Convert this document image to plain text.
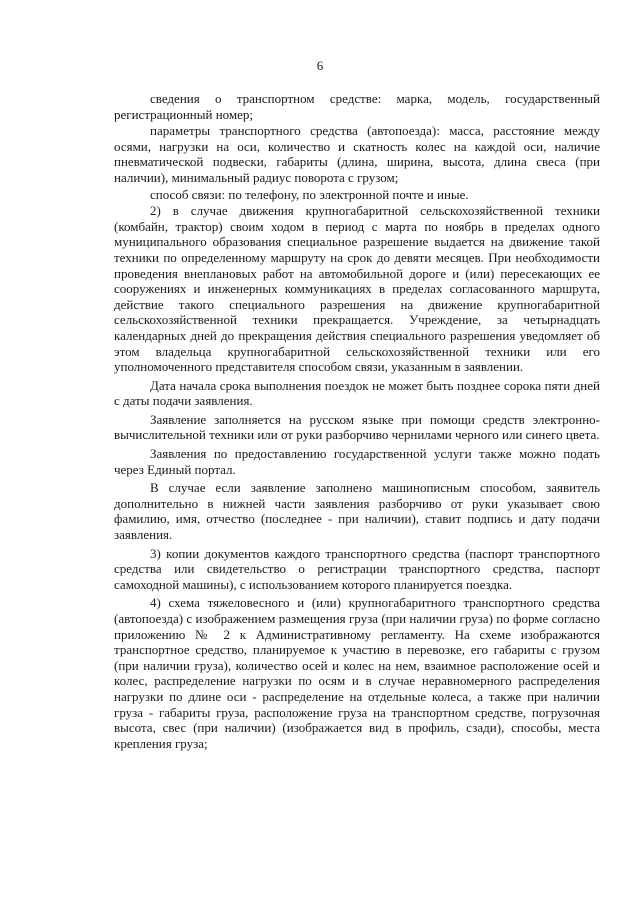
6

сведения о транспортном средстве: марка, модель, государственный регистрационный номер;

параметры транспортного средства (автопоезда): масса, расстояние между осями, нагрузки на оси, количество и скатность колес на каждой оси, наличие пневматической подвески, габариты (длина, ширина, высота, длина свеса (при наличии), минимальный радиус поворота с грузом;

способ связи: по телефону, по электронной почте и иные.

2) в случае движения крупногабаритной сельскохозяйственной техники (комбайн, трактор) своим ходом в период с марта по ноябрь в пределах одного муниципального образования специальное разрешение выдается на движение такой техники по определенному маршруту на срок до девяти месяцев. При необходимости проведения внеплановых работ на автомобильной дороге и (или) пересекающих ее сооружениях и инженерных коммуникациях в пределах согласованного маршрута, действие такого специального разрешения на движение крупногабаритной сельскохозяйственной техники прекращается. Учреждение, за четырнадцать календарных дней до прекращения действия специального разрешения уведомляет об этом владельца крупногабаритной сельскохозяйственной техники или его уполномоченного представителя способом связи, указанным в заявлении.

Дата начала срока выполнения поездок не может быть позднее сорока пяти дней с даты подачи заявления.

Заявление заполняется на русском языке при помощи средств электронно-вычислительной техники или от руки разборчиво чернилами черного или синего цвета.

Заявления по предоставлению государственной услуги также можно подать через Единый портал.

В случае если заявление заполнено машинописным способом, заявитель дополнительно в нижней части заявления разборчиво от руки указывает свою фамилию, имя, отчество (последнее - при наличии), ставит подпись и дату подачи заявления.

3) копии документов каждого транспортного средства (паспорт транспортного средства или свидетельство о регистрации транспортного средства, паспорт самоходной машины), с использованием которого планируется поездка.

4) схема тяжеловесного и (или) крупногабаритного транспортного средства (автопоезда) с изображением размещения груза (при наличии груза) по форме согласно приложению № 2 к Административному регламенту. На схеме изображаются транспортное средство, планируемое к участию в перевозке, его габариты с грузом (при наличии груза), количество осей и колес на нем, взаимное расположение осей и колес, распределение нагрузки по осям и в случае неравномерного распределения нагрузки по длине оси - распределение на отдельные колеса, а также при наличии груза - габариты груза, расположение груза на транспортном средстве, погрузочная высота, свес (при наличии) (изображается вид в профиль, сзади), способы, места крепления груза;
